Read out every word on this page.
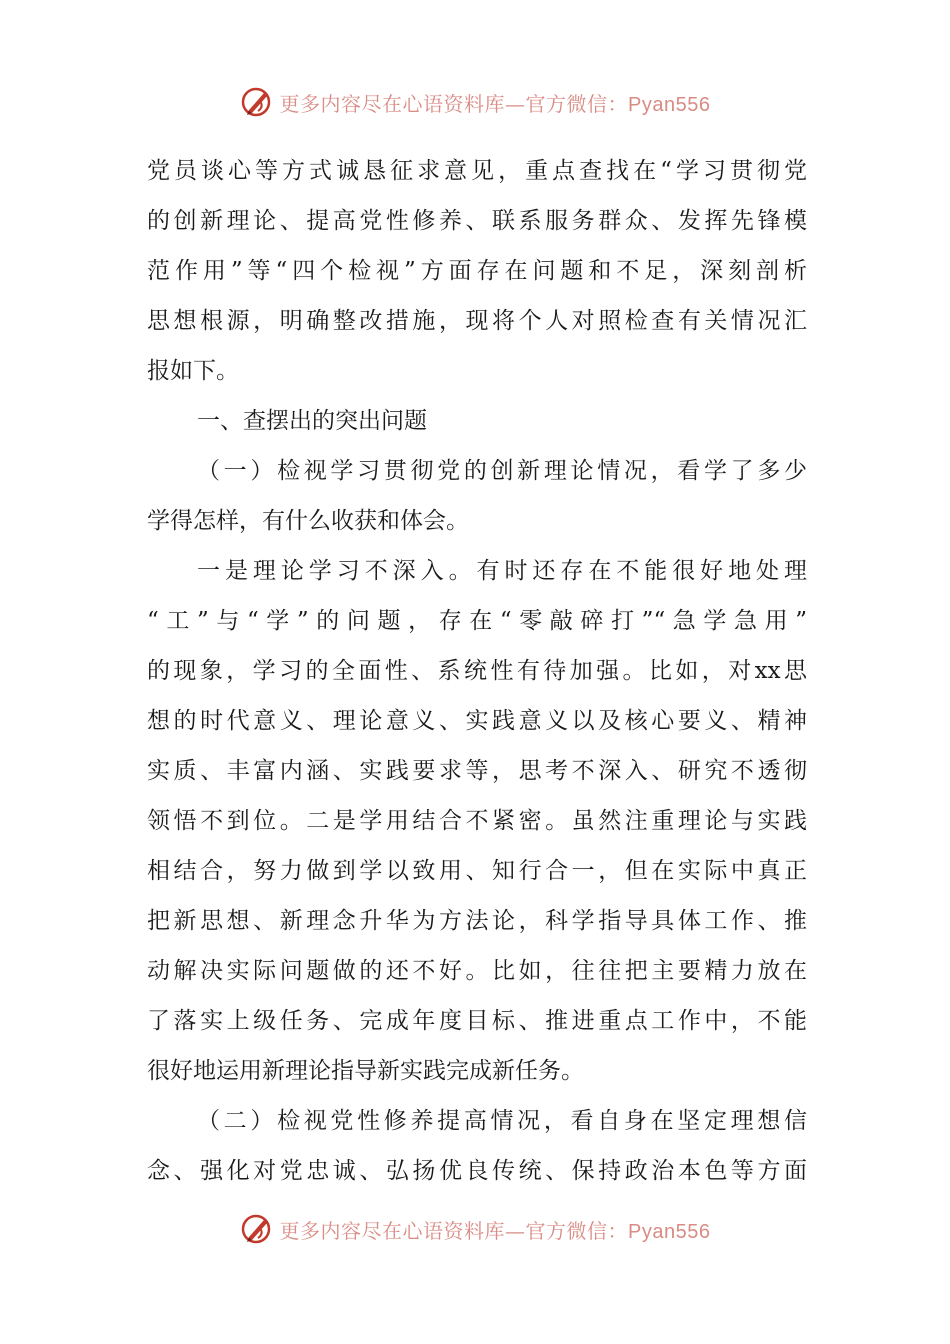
更多内容尽在心语资料库—官方微信：Pyan556
党员谈心等方式诚恳征求意见，重点查找在“学习贯彻党
的创新理论、提高党性修养、联系服务群众、发挥先锋模
范作用”等“四个检视”方面存在问题和不足，深刻剖析
思想根源，明确整改措施，现将个人对照检查有关情况汇
报如下。
一、查摆出的突出问题
（一）检视学习贯彻党的创新理论情况，看学了多少
学得怎样，有什么收获和体会。
一是理论学习不深入。有时还存在不能很好地处理
“工”与“学”的问题，存在“零敲碎打”“急学急用”
的现象，学习的全面性、系统性有待加强。比如，对xx思
想的时代意义、理论意义、实践意义以及核心要义、精神
实质、丰富内涵、实践要求等，思考不深入、研究不透彻
领悟不到位。二是学用结合不紧密。虽然注重理论与实践
相结合，努力做到学以致用、知行合一，但在实际中真正
把新思想、新理念升华为方法论，科学指导具体工作、推
动解决实际问题做的还不好。比如，往往把主要精力放在
了落实上级任务、完成年度目标、推进重点工作中，不能
很好地运用新理论指导新实践完成新任务。
（二）检视党性修养提高情况，看自身在坚定理想信
念、强化对党忠诚、弘扬优良传统、保持政治本色等方面
更多内容尽在心语资料库—官方微信：Pyan556
